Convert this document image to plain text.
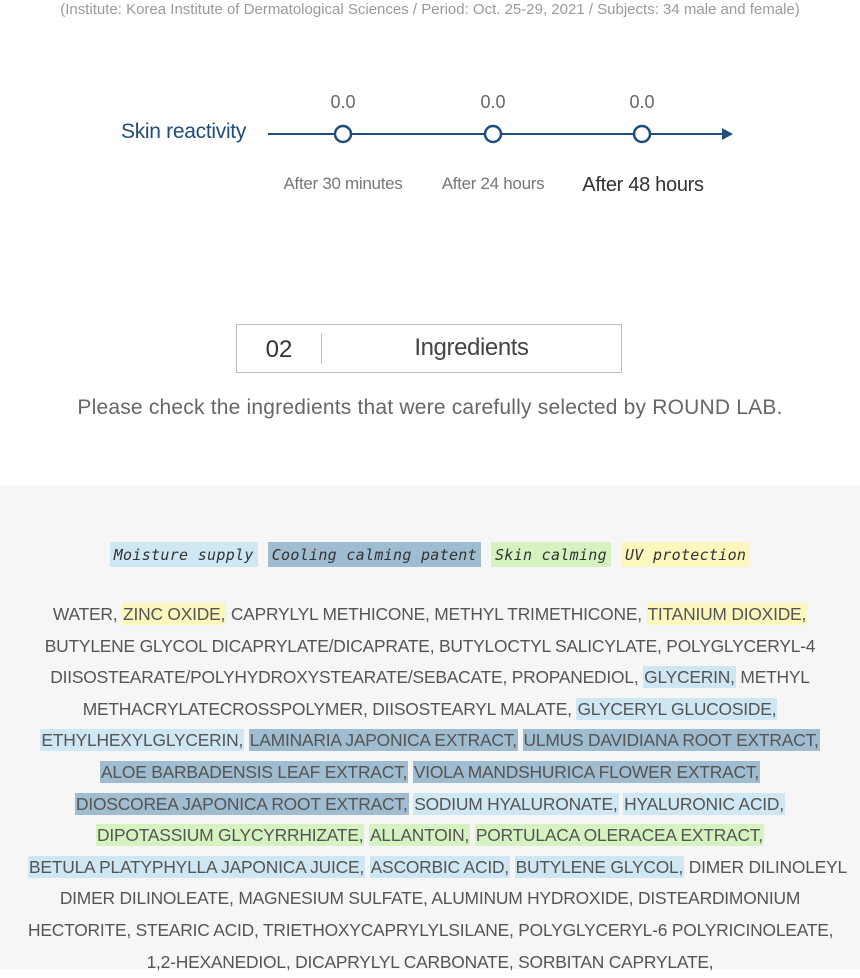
(Institute: Korea Institute of Dermatological Sciences / Period: Oct. 25-29, 2021 / Subjects: 34 male and female)
Skin reactivity
0.0	0.0	0.0
After 30 minutes	After 24 hours	After 48 hours
02	Ingredients
Please check the ingredients that were carefully selected by ROUND LAB.
Moisture supply Cooling calming patent Skin calming UV protection
WATER, ZINC OXIDE, CAPRYLYL METHICONE, METHYL TRIMETHICONE, TITANIUM DIOXIDE,
BUTYLENE GLYCOL DICAPRYLATE/DICAPRATE, BUTYLOCTYL SALICYLATE, POLYGLYCERYL-4
DIISOSTEARATE/POLYHYDROXYSTEARATE/SEBACATE, PROPANEDIOL, GLYCERIN, METHYL
METHACRYLATECROSSPOLYMER, DIISOSTEARYL MALATE, GLYCERYL GLUCOSIDE,
ETHYLHEXYLGLYCERIN, LAMINARIA JAPONICA EXTRACT, ULMUS DAVIDIANA ROOT EXTRACT,
ALOE BARBADENSIS LEAF EXTRACT, VIOLA MANDSHURICA FLOWER EXTRACT,
DIOSCOREA JAPONICA ROOT EXTRACT, SODIUM HYALURONATE, HYALURONIC ACID,
DIPOTASSIUM GLYCYRRHIZATE, ALLANTOIN, PORTULACA OLERACEA EXTRACT,
BETULA PLATYPHYLLA JAPONICA JUICE, ASCORBIC ACID, BUTYLENE GLYCOL, DIMER DILINOLEYL
DIMER DILINOLEATE, MAGNESIUM SULFATE, ALUMINUM HYDROXIDE, DISTEARDIMONIUM
HECTORITE, STEARIC ACID, TRIETHOXYCAPRYLYLSILANE, POLYGLYCERYL-6 POLYRICINOLEATE,
1,2-HEXANEDIOL, DICAPRYLYL CARBONATE, SORBITAN CAPRYLATE,
